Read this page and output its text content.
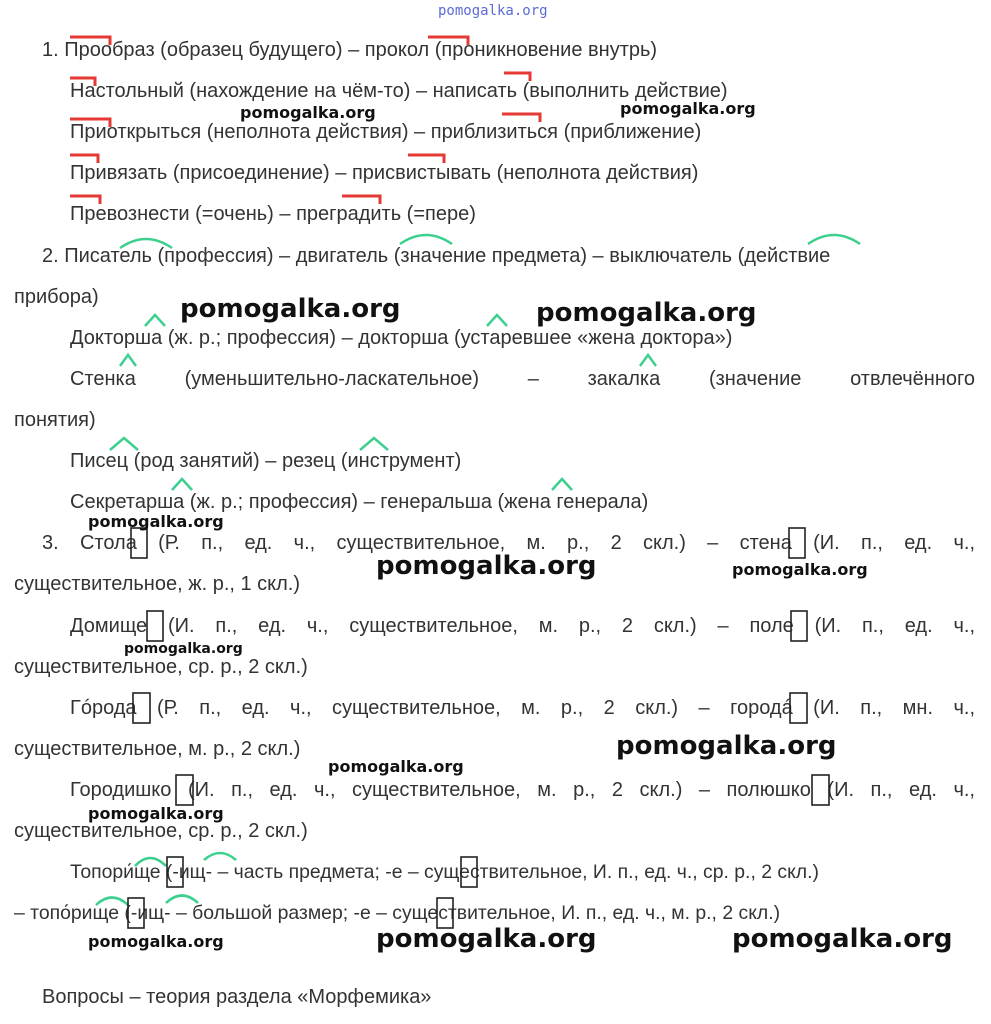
pomogalka.org
1. Прообраз (образец будущего) – прокол (проникновение внутрь)
Настольный (нахождение на чём-то) – написать (выполнить действие)
Приоткрыться (неполнота действия) – приблизиться (приближение)
Привязать (присоединение) – присвистывать (неполнота действия)
Превознести (=очень) – преградить (=пере)
2. Писатель (профессия) – двигатель (значение предмета) – выключатель (действие
прибора)
Докторша (ж. р.; профессия) – докторша (устаревшее «жена доктора»)
Стенка (уменьшительно-ласкательное) – закалка (значение отвлечённого
понятия)
Писец (род занятий) – резец (инструмент)
Секретарша (ж. р.; профессия) – генеральша (жена генерала)
3. Стола (Р. п., ед. ч., существительное, м. р., 2 скл.) – стена (И. п., ед. ч.,
существительное, ж. р., 1 скл.)
Домище (И. п., ед. ч., существительное, м. р., 2 скл.) – поле (И. п., ед. ч.,
существительное, ср. р., 2 скл.)
Гóрода (Р. п., ед. ч., существительное, м. р., 2 скл.) – городá (И. п., мн. ч.,
существительное, м. р., 2 скл.)
Городишко (И. п., ед. ч., существительное, м. р., 2 скл.) – полюшко (И. п., ед. ч.,
существительное, ср. р., 2 скл.)
Топори́ще (-ищ- – часть предмета; -е – существительное, И. п., ед. ч., ср. р., 2 скл.)
– топо́рище (-ищ- – большой размер; -е – существительное, И. п., ед. ч., м. р., 2 скл.)
Вопросы – теория раздела «Морфемика»
pomogalka.org	pomogalka.org
pomogalka.org	pomogalka.org
pomogalka.org
pomogalka.org	pomogalka.org
pomogalka.org
pomogalka.org
pomogalka.org
pomogalka.org
pomogalka.org	pomogalka.org	pomogalka.org
